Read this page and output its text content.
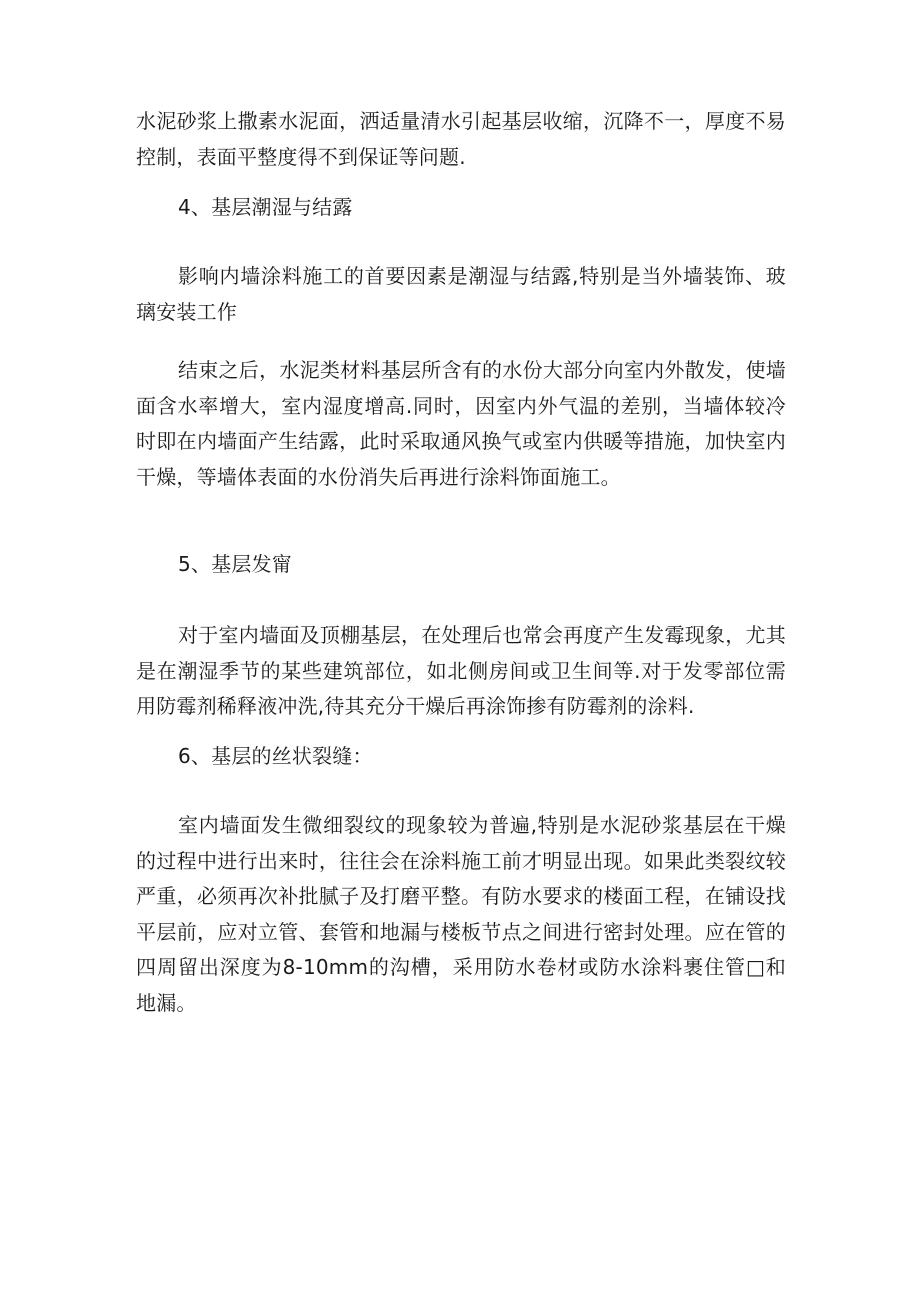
水泥砂浆上撒素水泥面，洒适量清水引起基层收缩，沉降不一，厚度不易控制，表面平整度得不到保证等问题.

4、基层潮湿与结露

影响内墙涂料施工的首要因素是潮湿与结露,特别是当外墙装饰、玻璃安装工作

结束之后，水泥类材料基层所含有的水份大部分向室内外散发，使墙面含水率增大，室内湿度增高.同时，因室内外气温的差别，当墙体较冷时即在内墙面产生结露，此时采取通风换气或室内供暖等措施，加快室内干燥，等墙体表面的水份消失后再进行涂料饰面施工。

5、基层发甯

对于室内墙面及顶棚基层，在处理后也常会再度产生发霉现象，尤其是在潮湿季节的某些建筑部位，如北侧房间或卫生间等.对于发零部位需用防霉剂稀释液冲洗,待其充分干燥后再涂饰掺有防霉剂的涂料.

6、基层的丝状裂缝：

室内墙面发生微细裂纹的现象较为普遍,特别是水泥砂浆基层在干燥的过程中进行出来时，往往会在涂料施工前才明显出现。如果此类裂纹较严重，必须再次补批腻子及打磨平整。有防水要求的楼面工程，在铺设找平层前，应对立管、套管和地漏与楼板节点之间进行密封处理。应在管的四周留出深度为8-10mm的沟槽，采用防水卷材或防水涂料裹住管□和地漏。
